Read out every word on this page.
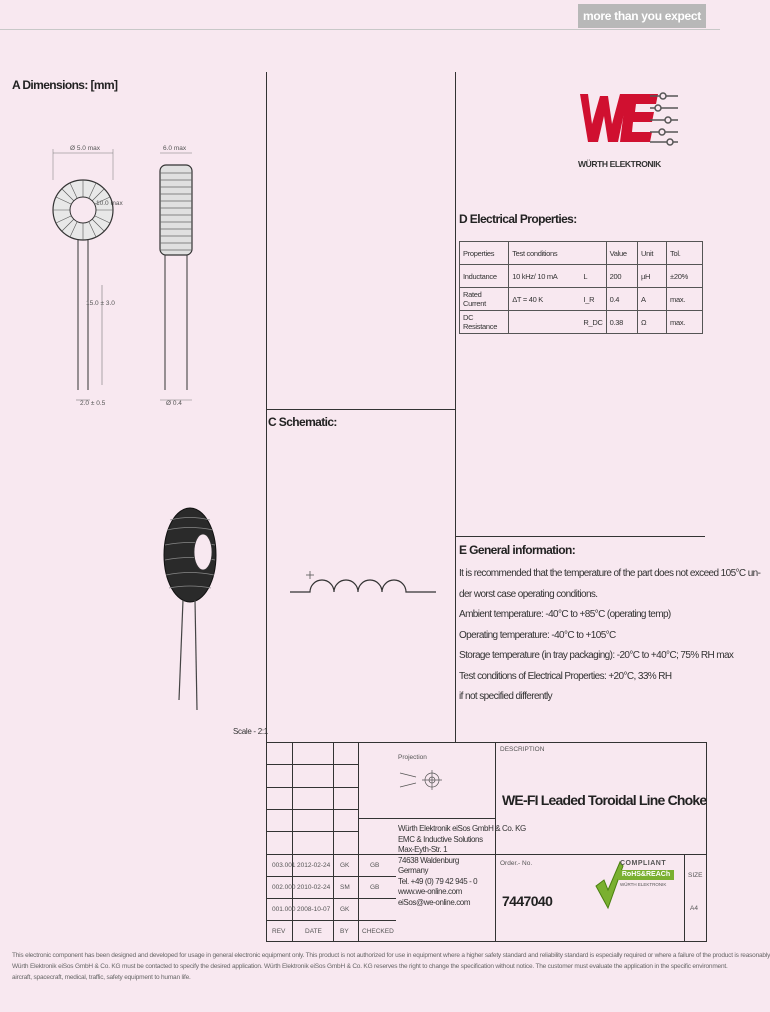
more than you expect
A Dimensions: [mm]
D Electrical Properties:
C Schematic:
E General information:
WÜRTH ELEKTRONIK
Ø 5.0 max	6.0 max
10.0 max
15.0 ± 3.0
2.0 ± 0.5	Ø 0.4
Scale - 2:1
Properties	Test conditions		Value	Unit	Tol.
Inductance	10 kHz/ 10 mA	L	200	µH	±20%
Rated Current	ΔT = 40 K	I_R	0.4	A	max.
DC Resistance		R_DC	0.38	Ω	max.
It is recommended that the temperature of the part does not exceed 105°C un-
der worst case operating conditions.
Ambient temperature: -40°C to +85°C (operating temp)
Operating temperature: -40°C to +105°C
Storage temperature (in tray packaging): -20°C to +40°C; 75% RH max
Test conditions of Electrical Properties: +20°C, 33% RH
if not specified differently
003.001 2012-02-24 GK	GB
002.000 2010-02-24 SM	GB
001.000 2008-10-07 GK
REV	DATE	BY CHECKED
Projection
Würth Elektronik eiSos GmbH & Co. KG
EMC & Inductive Solutions
Max-Eyth-Str. 1
74638 Waldenburg
Germany
Tel. +49 (0) 79 42 945 - 0
www.we-online.com
eiSos@we-online.com
DESCRIPTION
WE-FI Leaded Toroidal Line Choke
Order.- No.
7447040
SIZE
A4
COMPLIANT
RoHS&REACh
WÜRTH ELEKTRONIK
This electronic component has been designed and developed for usage in general electronic equipment only. This product is not authorized for use in equipment where a higher safety standard and reliability standard is especially required or where a failure of the product is reasonably
Würth Elektronik eiSos GmbH & Co. KG must be contacted to specify the desired application. Würth Elektronik eiSos GmbH & Co. KG reserves the right to change the specification without notice. The customer must evaluate the application in the specific environment.
aircraft, spacecraft, medical, traffic, safety equipment to human life.
